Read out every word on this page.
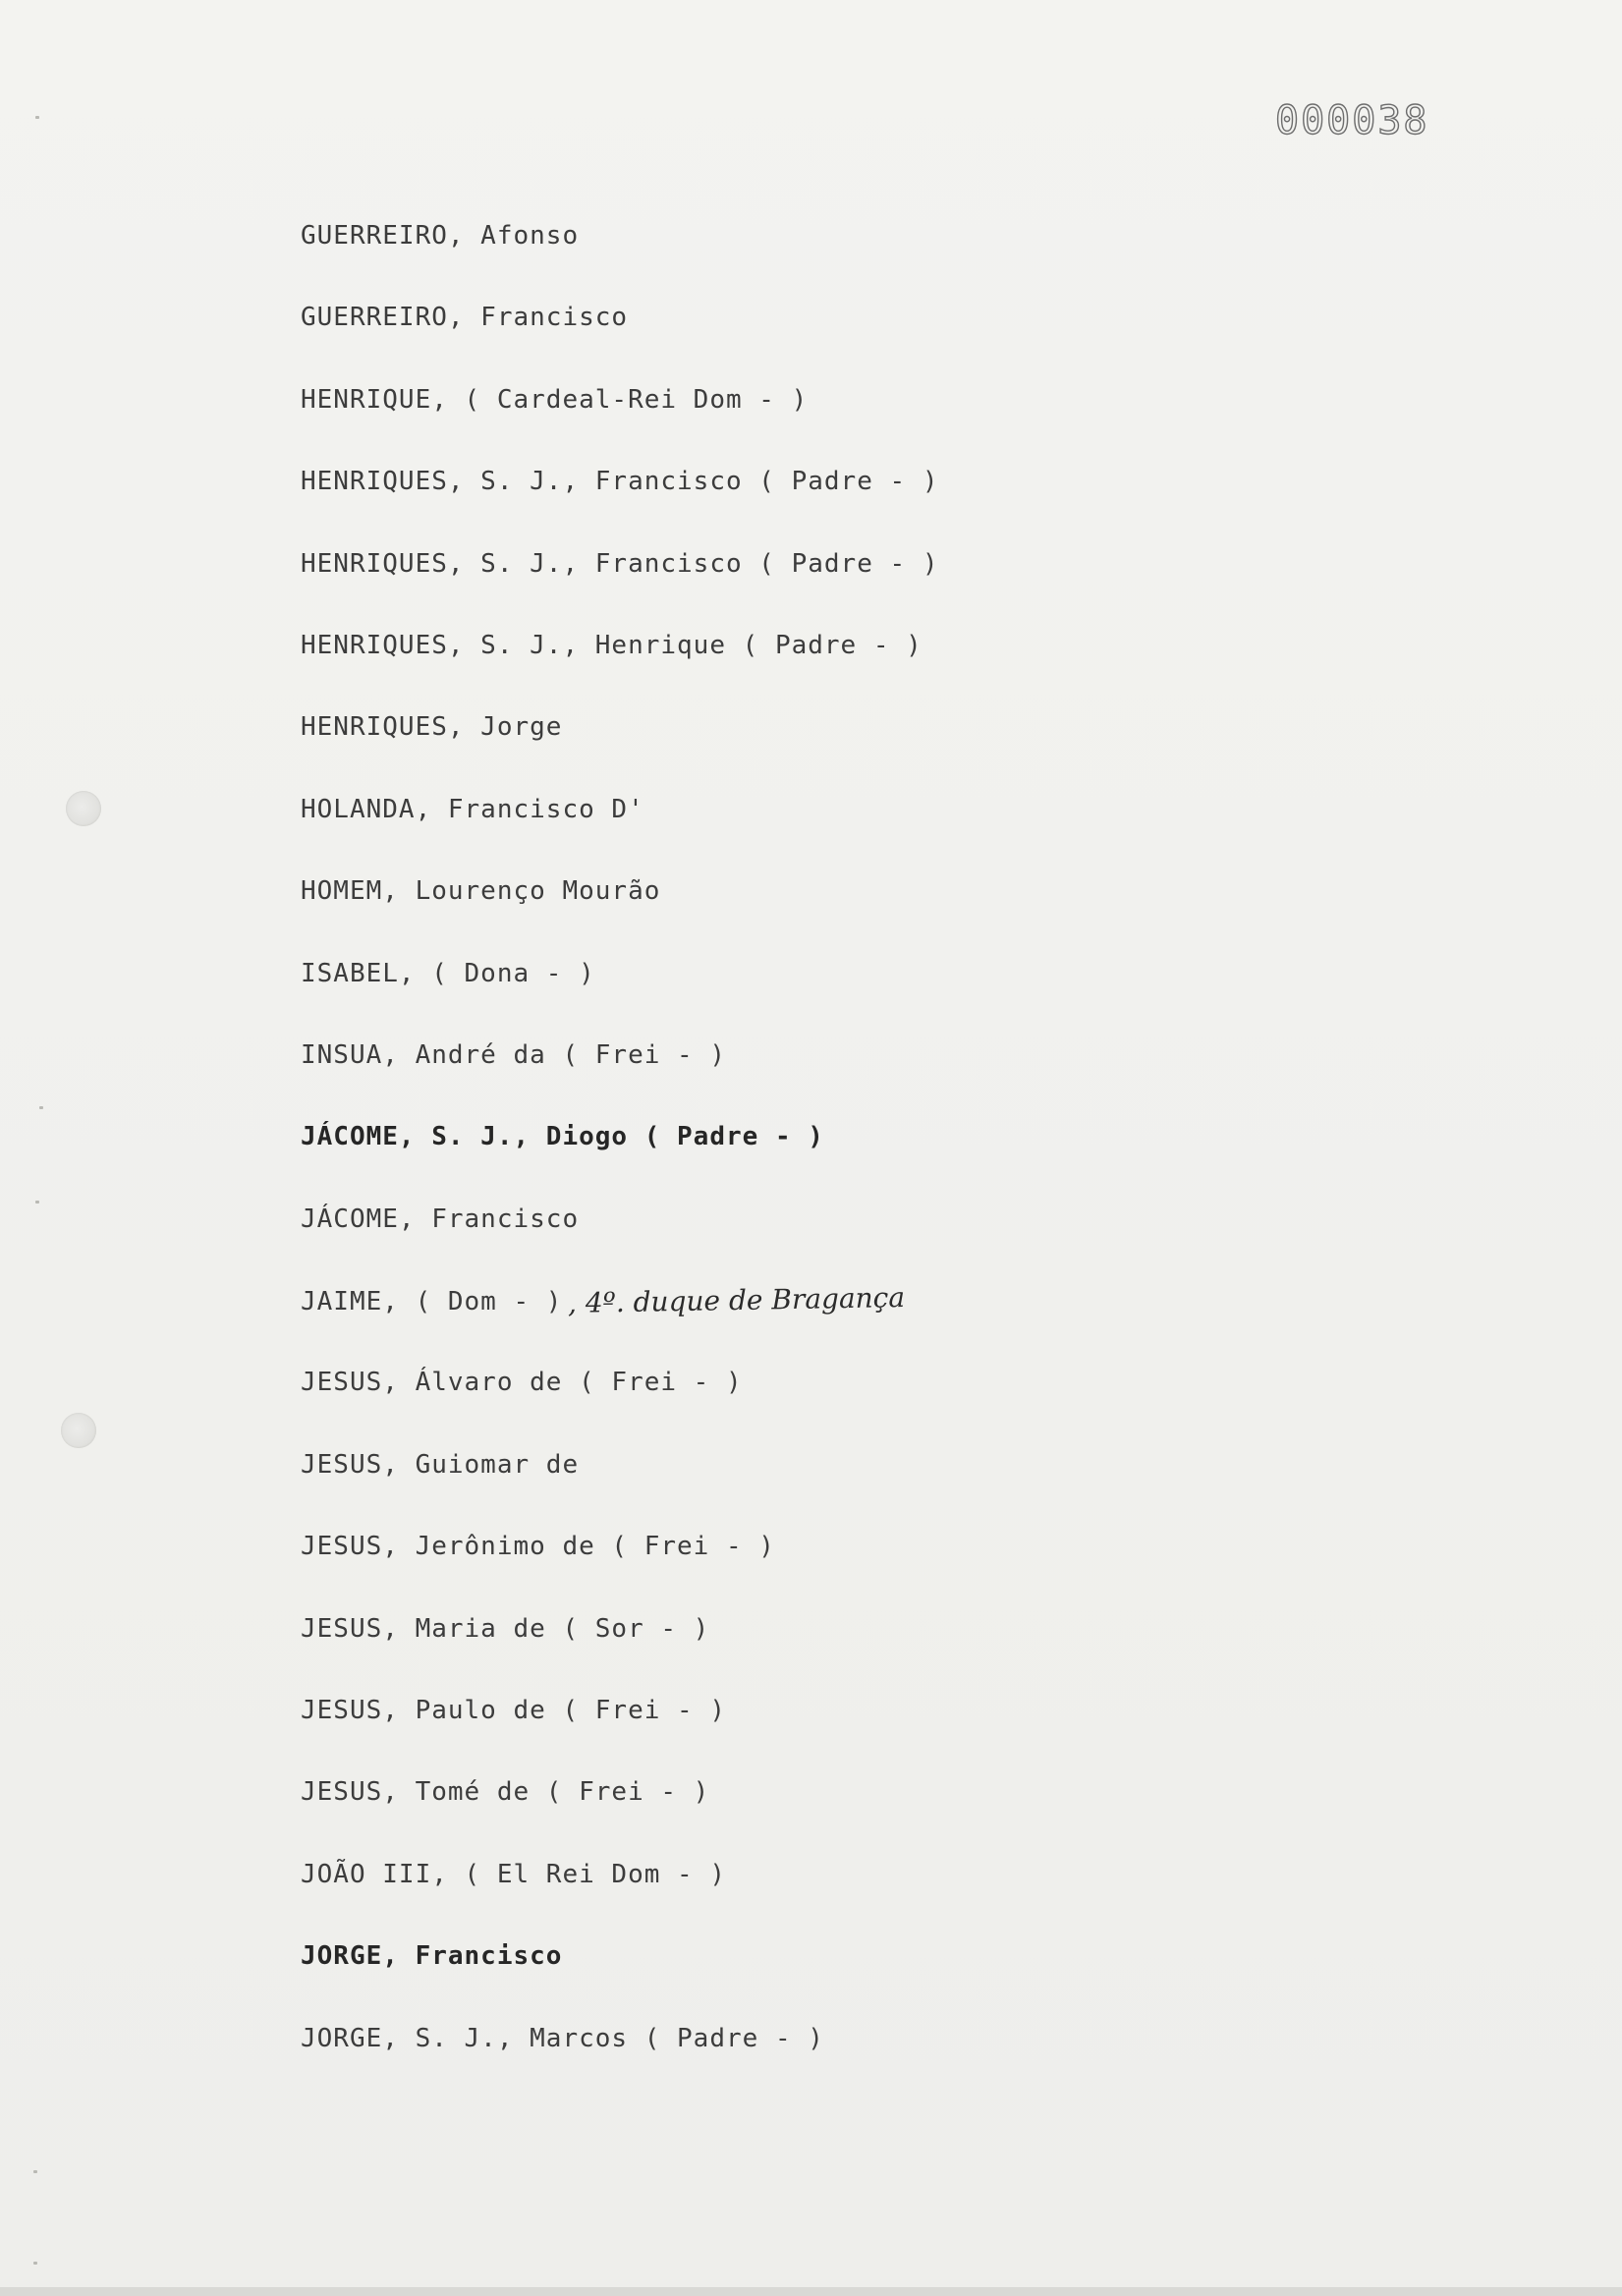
000038
GUERREIRO, Afonso
GUERREIRO, Francisco
HENRIQUE, ( Cardeal-Rei Dom - )
HENRIQUES, S. J., Francisco ( Padre - )
HENRIQUES, S. J., Francisco ( Padre - )
HENRIQUES, S. J., Henrique ( Padre - )
HENRIQUES, Jorge
HOLANDA, Francisco D'
HOMEM, Lourenço Mourão
ISABEL, ( Dona - )
INSUA, André da ( Frei - )
JÁCOME, S. J., Diogo ( Padre - )
JÁCOME, Francisco
JAIME, ( Dom - ) , 4º. duque de Bragança
JESUS, Álvaro de ( Frei - )
JESUS, Guiomar de
JESUS, Jerônimo de ( Frei - )
JESUS, Maria de ( Sor - )
JESUS, Paulo de ( Frei - )
JESUS, Tomé de ( Frei - )
JOÃO III, ( El Rei Dom - )
JORGE, Francisco
JORGE, S. J., Marcos ( Padre - )
